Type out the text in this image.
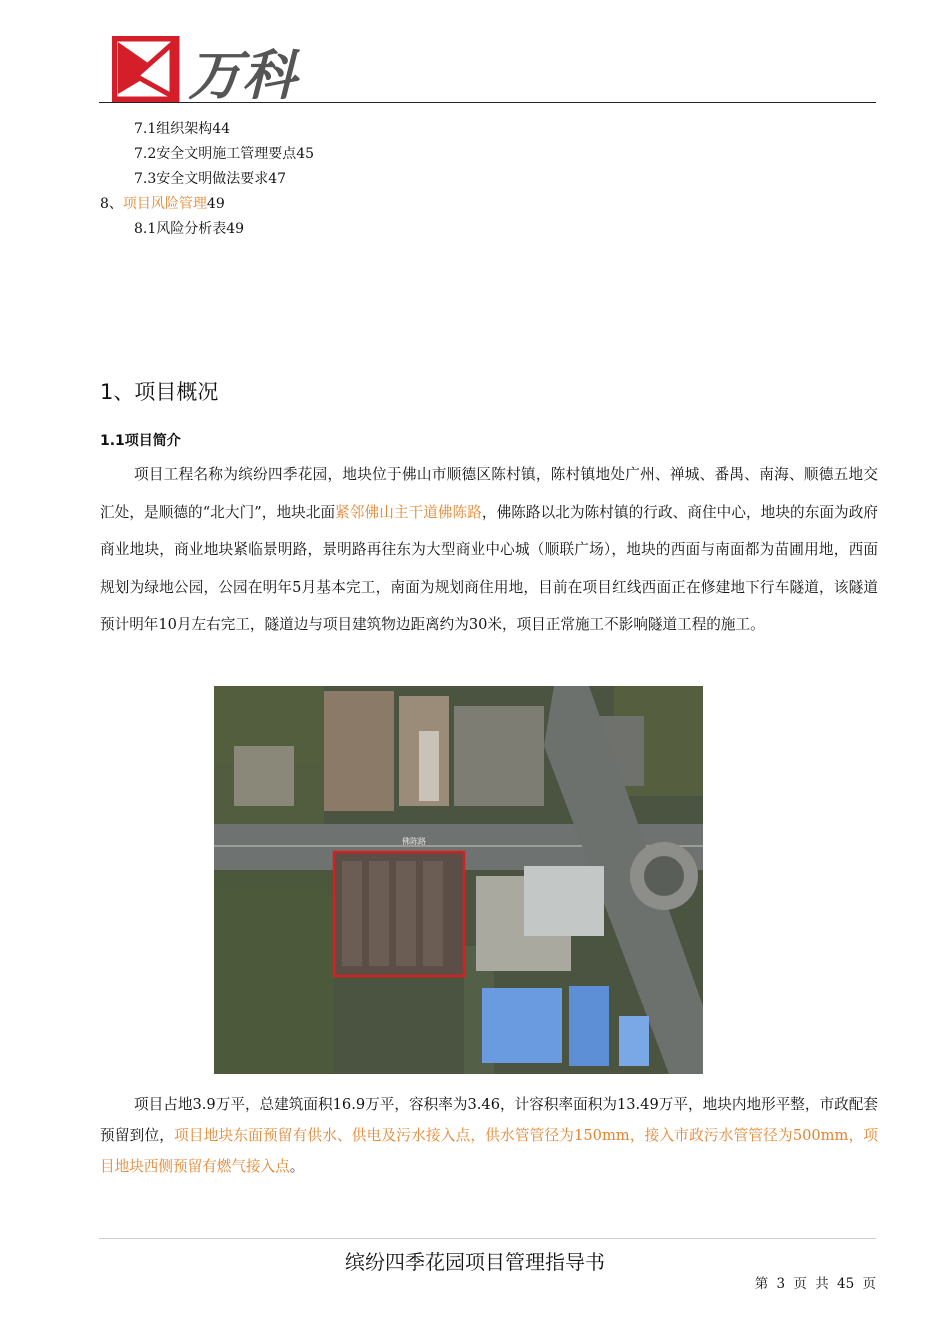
万科
7.1组织架构44
7.2安全文明施工管理要点45
7.3安全文明做法要求47
8、项目风险管理49
8.1风险分析表49
1、项目概况
1.1项目简介
项目工程名称为缤纷四季花园，地块位于佛山市顺德区陈村镇，陈村镇地处广州、禅城、番禺、南海、顺德五地交汇处，是顺德的“北大门”，地块北面紧邻佛山主干道佛陈路，佛陈路以北为陈村镇的行政、商住中心，地块的东面为政府商业地块，商业地块紧临景明路，景明路再往东为大型商业中心城（顺联广场），地块的西面与南面都为苗圃用地，西面规划为绿地公园，公园在明年5月基本完工，南面为规划商住用地，目前在项目红线西面正在修建地下行车隧道，该隧道预计明年10月左右完工，隧道边与项目建筑物边距离约为30米，项目正常施工不影响隧道工程的施工。
佛陈路
项目占地3.9万平，总建筑面积16.9万平，容积率为3.46，计容积率面积为13.49万平，地块内地形平整，市政配套预留到位，项目地块东面预留有供水、供电及污水接入点，供水管管径为150mm，接入市政污水管管径为500mm，项目地块西侧预留有燃气接入点。
缤纷四季花园项目管理指导书
第 3 页 共 45 页
